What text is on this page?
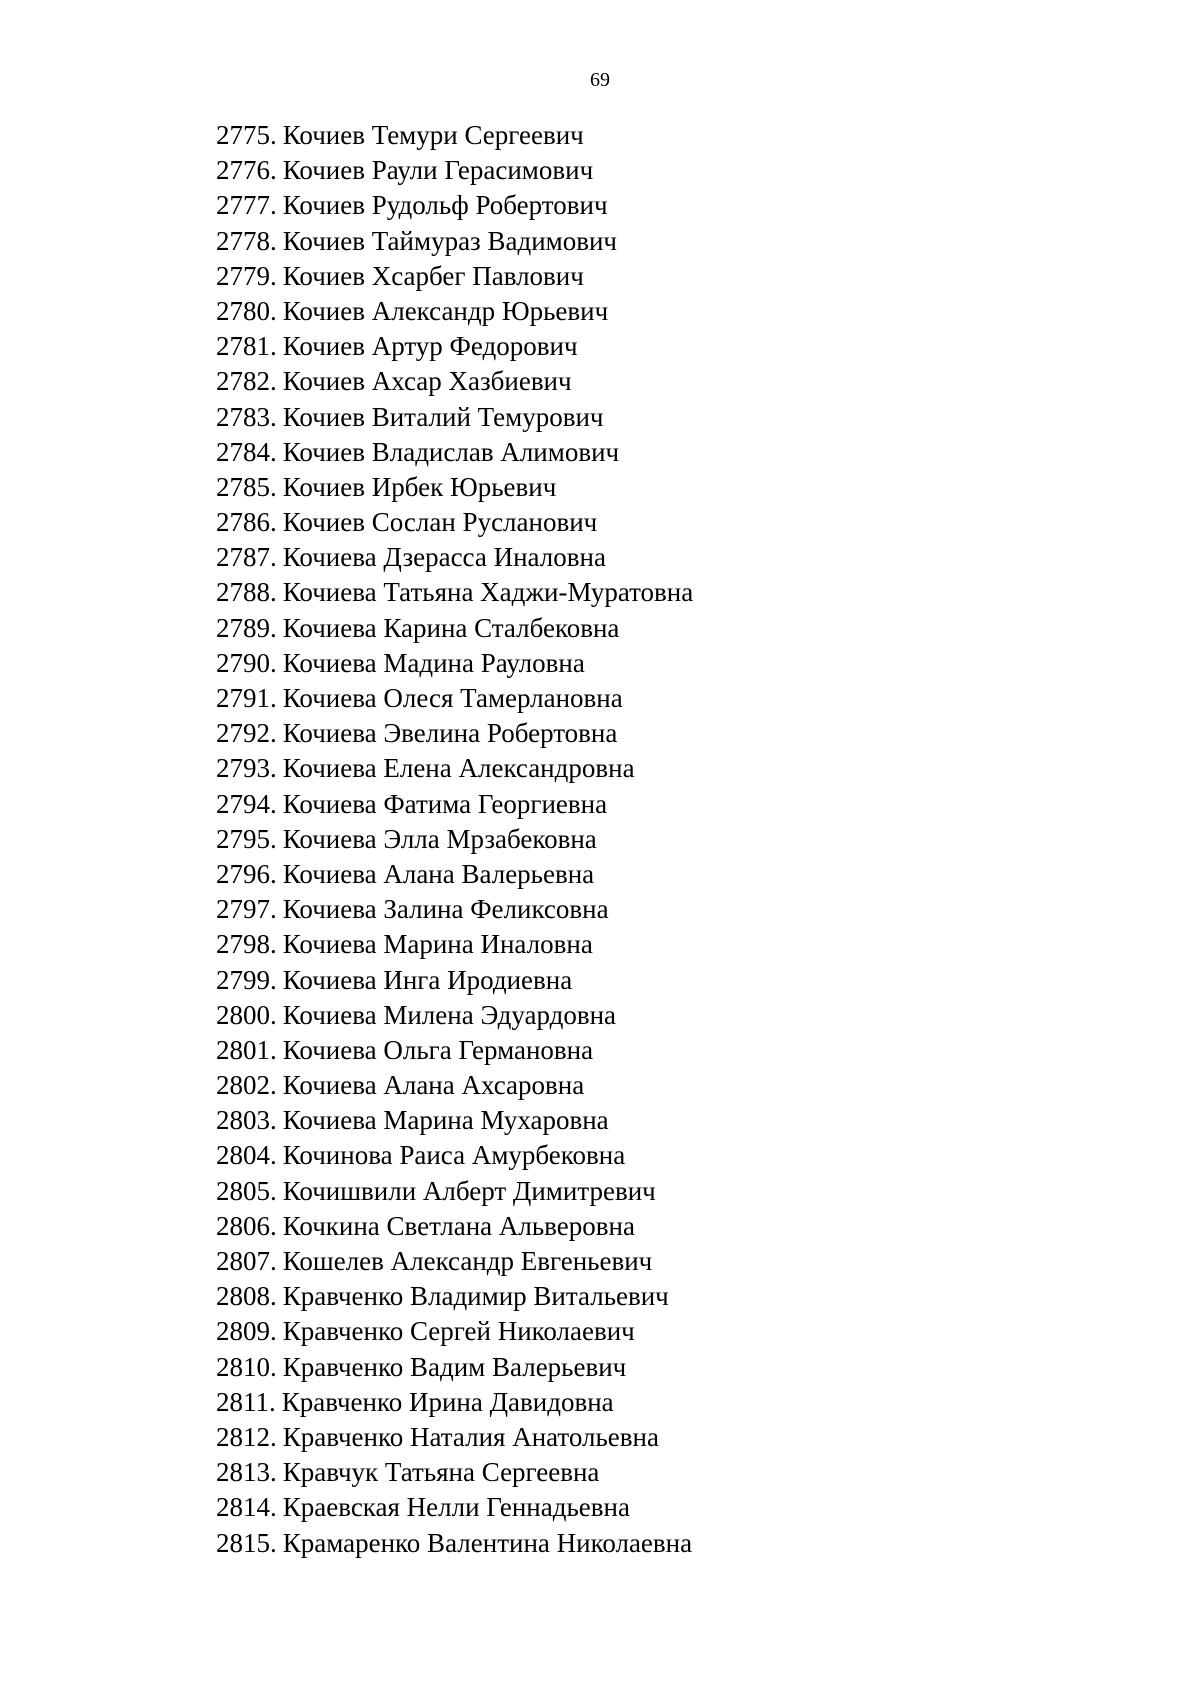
69
2775. Кочиев Темури Сергеевич
2776. Кочиев Раули Герасимович
2777. Кочиев Рудольф Робертович
2778. Кочиев Таймураз Вадимович
2779. Кочиев Хсарбег Павлович
2780. Кочиев Александр Юрьевич
2781. Кочиев Артур Федорович
2782. Кочиев Ахсар Хазбиевич
2783. Кочиев Виталий Темурович
2784. Кочиев Владислав Алимович
2785. Кочиев Ирбек Юрьевич
2786. Кочиев Сослан Русланович
2787. Кочиева Дзерасса Иналовна
2788. Кочиева Татьяна Хаджи-Муратовна
2789. Кочиева Карина Сталбековна
2790. Кочиева Мадина Рауловна
2791. Кочиева Олеся Тамерлановна
2792. Кочиева Эвелина Робертовна
2793. Кочиева Елена Александровна
2794. Кочиева Фатима Георгиевна
2795. Кочиева Элла Мрзабековна
2796. Кочиева Алана Валерьевна
2797. Кочиева Залина Феликсовна
2798. Кочиева Марина Иналовна
2799. Кочиева Инга Иродиевна
2800. Кочиева Милена Эдуардовна
2801. Кочиева Ольга Германовна
2802. Кочиева Алана Ахсаровна
2803. Кочиева Марина Мухаровна
2804. Кочинова Раиса Амурбековна
2805. Кочишвили Алберт Димитревич
2806. Кочкина Светлана Альверовна
2807. Кошелев Александр Евгеньевич
2808. Кравченко Владимир Витальевич
2809. Кравченко Сергей Николаевич
2810. Кравченко Вадим Валерьевич
2811. Кравченко Ирина Давидовна
2812. Кравченко Наталия Анатольевна
2813. Кравчук Татьяна Сергеевна
2814. Краевская Нелли Геннадьевна
2815. Крамаренко Валентина Николаевна
